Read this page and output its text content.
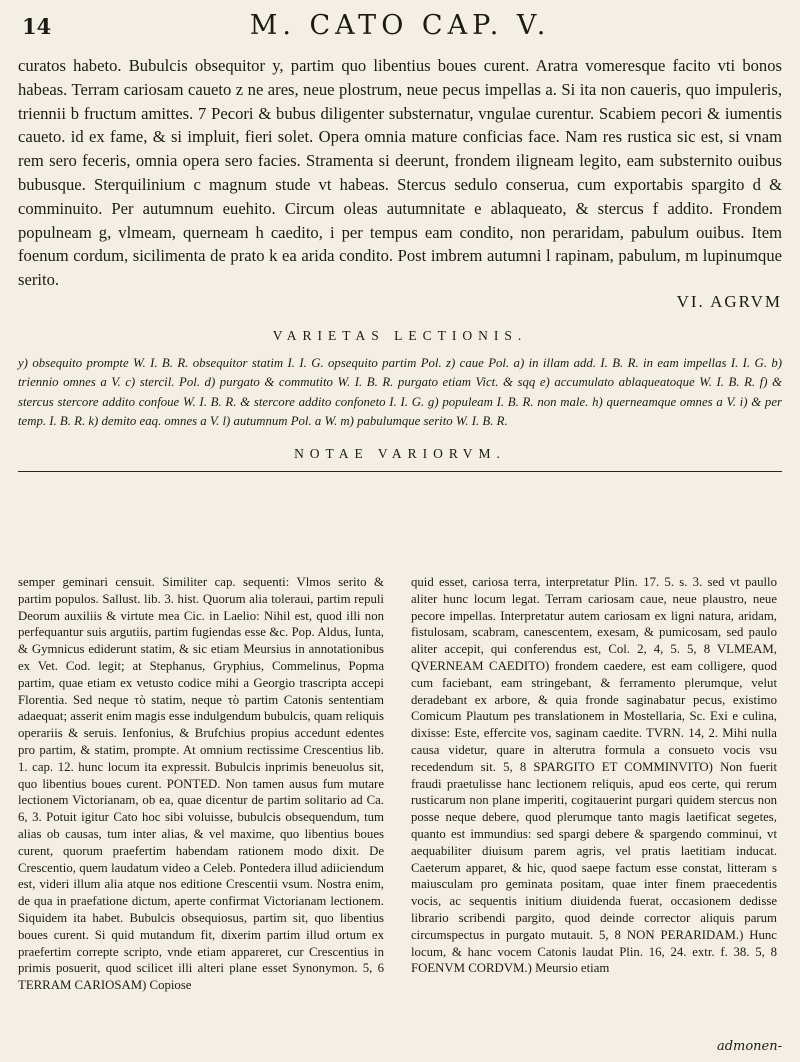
14	M. CATO CAP. V.

curatos habeto. Bubulcis obsequitor y, partim quo libentius boues curent. Aratra vomeresque facito vti bonos habeas. Terram cariosam caueto z ne ares, neue plostrum, neue pecus impellas a. Si ita non caueris, quo impuleris, triennii b fructum amittes. 7 Pecori & bubus diligenter substernatur, vngulae curentur. Scabiem pecori & iumentis caueto. id ex fame, & si impluit, fieri solet. Opera omnia mature conficias face. Nam res rustica sic est, si vnam rem sero feceris, omnia opera sero facies. Stramenta si deerunt, frondem iligneam legito, eam substernito ouibus bubusque. Sterquilinium c magnum stude vt habeas. Stercus sedulo conserua, cum exportabis spargito d & comminuito. Per autumnum euehito. Circum oleas autumnitate e ablaqueato, & stercus f addito. Frondem populneam g, vlmeam, querneam h caedito, i per tempus eam condito, non peraridam, pabulum ouibus. Item foenum cordum, sicilimenta de prato k ea arida condito. Post imbrem autumni l rapinam, pabulum, m lupinumque serito.

VI. AGRVM
VARIETAS LECTIONIS.
y) obsequito prompte W. I. B. R. obsequitor statim I. I. G. opsequito partim Pol. z) caue Pol. a) in illam add. I. B. R. in eam impellas I. I. G. b) triennio omnes a V. c) stercil. Pol. d) purgato & commutito W. I. B. R. purgato etiam Vict. & sqq e) accumulato ablaqueatoque W. I. B. R. f) & stercus stercore addito confoue W. I. B. R. & stercore addito confoneto I. I. G. g) populeam I. B. R. non male. h) querneamque omnes a V. i) & per temp. I. B. R. k) demito eaq. omnes a V. l) autumnum Pol. a W. m) pabulumque serito W. I. B. R.
NOTAE VARIORVM.

semper geminari censuit. Similiter cap. sequenti: Vlmos serito & partim populos. Sallust. lib. 3. hist. Quorum alia toleraui, partim repuli Deorum auxiliis & virtute mea Cic. in Laelio: Nihil est, quod illi non perfequantur suis argutiis, partim fugiendas esse &c. Pop. Aldus, Iunta, & Gymnicus ediderunt statim, & sic etiam Meursius in annotationibus ex Vet. Cod. legit; at Stephanus, Gryphius, Commelinus, Popma partim, quae etiam ex vetusto codice mihi a Georgio trascripta accepi Florentia. Sed neque τὸ statim, neque τὸ partim Catonis sententiam adaequat; asserit enim magis esse indulgendum bubulcis, quam reliquis operariis & seruis. Ienfonius, & Brufchius propius accedunt edentes pro partim, & statim, prompte. At omnium rectissime Crescentius lib. 1. cap. 12. hunc locum ita expressit. Bubulcis inprimis beneuolus sit, quo libentius boues curent. PONTED. Non tamen ausus fum mutare lectionem Victorianam, ob ea, quae dicentur de partim solitario ad Ca. 6, 3. Potuit igitur Cato hoc sibi voluisse, bubulcis obsequendum, tum alias ob causas, tum inter alias, & vel maxime, quo libentius boues curent, quorum praefertim habendam rationem modo dixit. De Crescentio, quem laudatum video a Celeb. Pontedera illud adiiciendum est, videri illum alia atque nos editione Crescentii vsum. Nostra enim, de qua in praefatione dictum, aperte confirmat Victorianam lectionem. Siquidem ita habet. Bubulcis obsequiosus, partim sit, quo libentius boues curent. Si quid mutandum fit, dixerim partim illud ortum ex praefertim correpte scripto, vnde etiam appareret, cur Crescentius in primis posuerit, quod scilicet illi alteri plane esset Synonymon. 5, 6 TERRAM CARIOSAM) Copiose

quid esset, cariosa terra, interpretatur Plin. 17. 5. s. 3. sed vt paullo aliter hunc locum legat. Terram cariosam caue, neue plaustro, neue pecore impellas. Interpretatur autem cariosam ex ligni natura, aridam, fistulosam, scabram, canescentem, exesam, & pumicosam, sed paulo aliter accepit, qui conferendus est, Col. 2, 4, 5. 5, 8 VLMEAM, QVERNEAM CAEDITO) frondem caedere, est eam colligere, quod cum faciebant, eam stringebant, & ferramento plerumque, velut deradebant ex arbore, & quia fronde saginabatur pecus, existimo Comicum Plautum pes translationem in Mostellaria, Sc. Exi e culina, dixisse: Este, effercite vos, saginam caedite. TVRN. 14, 2. Mihi nulla causa videtur, quare in alterutra formula a consueto vocis vsu recedendum sit. 5, 8 SPARGITO ET COMMINVITO) Non fuerit fraudi praetulisse hanc lectionem reliquis, apud eos certe, qui rerum rusticarum non plane imperiti, cogitauerint purgari quidem stercus non posse neque debere, quod plerumque tanto magis laetificat segetes, quanto est immundius: sed spargi debere & spargendo comminui, vt aequabiliter diuisum parem agris, vel pratis laetitiam inducat. Caeterum apparet, & hic, quod saepe factum esse constat, litteram s maiusculam pro geminata positam, quae inter finem praecedentis vocis, ac sequentis initium diuidenda fuerat, occasionem dedisse librario scribendi pargito, quod deinde corrector aliquis parum circumspectus in purgato mutauit. 5, 8 NON PERARIDAM.) Hunc locum, & hanc vocem Catonis laudat Plin. 16, 24. extr. f. 38. 5, 8 FOENVM CORDVM.) Meursio etiam

admonen-
